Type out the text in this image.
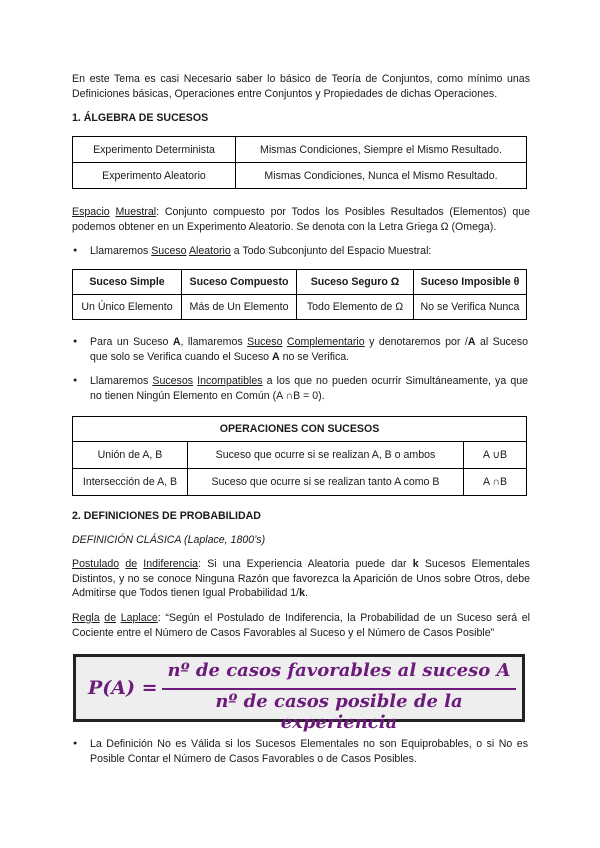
En este Tema es casi Necesario saber lo básico de Teoría de Conjuntos, como mínimo unas Definiciones básicas, Operaciones entre Conjuntos y Propiedades de dichas Operaciones.

1. ÁLGEBRA DE SUCESOS

Experimento Determinista	Mismas Condiciones, Siempre el Mismo Resultado.
Experimento Aleatorio	Mismas Condiciones, Nunca el Mismo Resultado.

Espacio Muestral: Conjunto compuesto por Todos los Posibles Resultados (Elementos) que podemos obtener en un Experimento Aleatorio. Se denota con la Letra Griega Ω (Omega).

● Llamaremos Suceso Aleatorio a Todo Subconjunto del Espacio Muestral:

Suceso Simple	Suceso Compuesto	Suceso Seguro Ω	Suceso Imposible θ
Un Único Elemento	Más de Un Elemento	Todo Elemento de Ω	No se Verifica Nunca

● Para un Suceso A, llamaremos Suceso Complementario y denotaremos por /A al Suceso que solo se Verifica cuando el Suceso A no se Verifica.

● Llamaremos Sucesos Incompatibles a los que no pueden ocurrir Simultáneamente, ya que no tienen Ningún Elemento en Común (A ∩B = 0).

OPERACIONES CON SUCESOS		
Unión de A, B	Suceso que ocurre si se realizan A, B o ambos	A ∪B
Intersección de A, B	Suceso que ocurre si se realizan tanto A como B	A ∩B

2. DEFINICIONES DE PROBABILIDAD

DEFINICIÓN CLÁSICA (Laplace, 1800’s)

Postulado de Indiferencia: Si una Experiencia Aleatoria puede dar k Sucesos Elementales Distintos, y no se conoce Ninguna Razón que favorezca la Aparición de Unos sobre Otros, debe Admitirse que Todos tienen Igual Probabilidad 1/k.

Regla de Laplace: “Según el Postulado de Indiferencia, la Probabilidad de un Suceso será el Cociente entre el Número de Casos Favorables al Suceso y el Número de Casos Posible”

P(A) =
nº de casos favorables al suceso A
nº de casos posible de la experiencia

● La Definición No es Válida si los Sucesos Elementales no son Equiprobables, o si No es Posible Contar el Número de Casos Favorables o de Casos Posibles.
